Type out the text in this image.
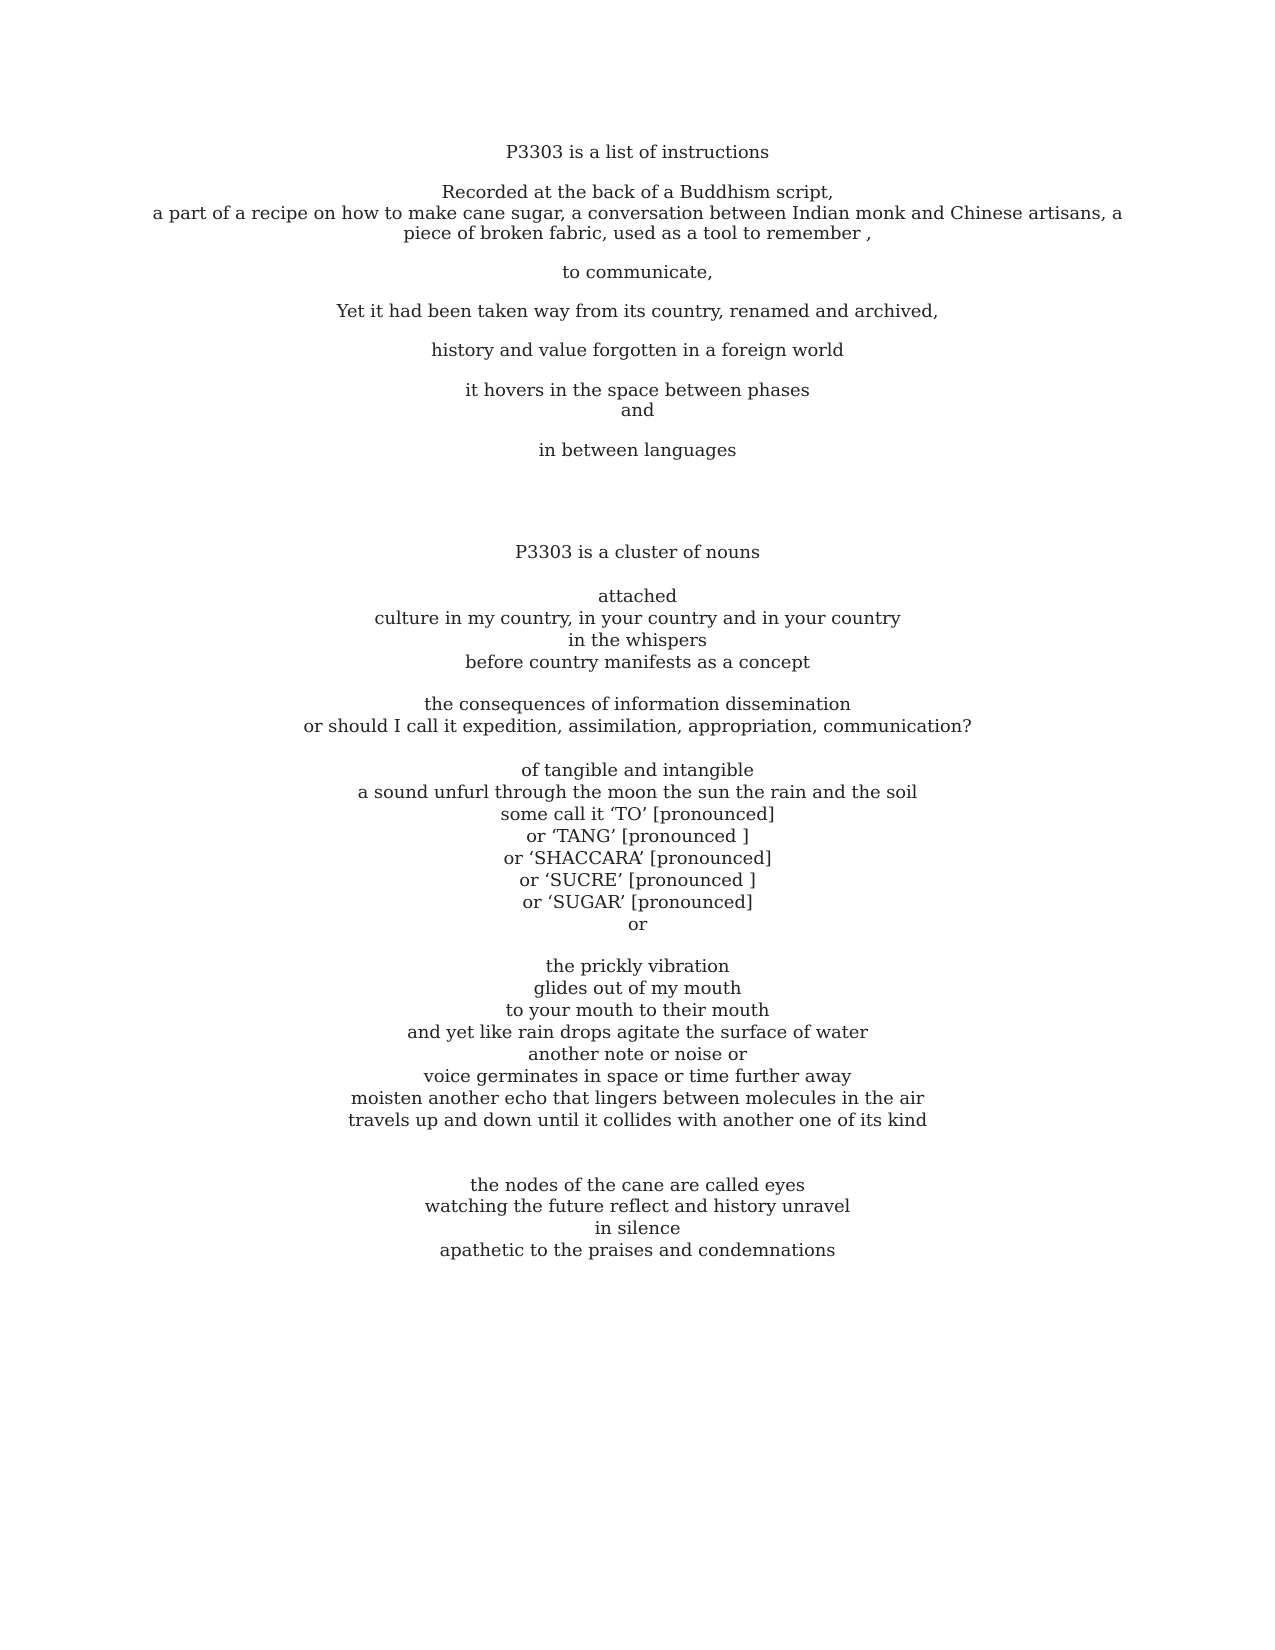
P3303 is a list of instructions
Recorded at the back of a Buddhism script,
a part of a recipe on how to make cane sugar, a conversation between Indian monk and Chinese artisans, a
piece of broken fabric, used as a tool to remember ,
to communicate,
Yet it had been taken way from its country, renamed and archived,
history and value forgotten in a foreign world
it hovers in the space between phases
and
in between languages
P3303 is a cluster of nouns
attached
culture in my country, in your country and in your country
in the whispers
before country manifests as a concept
the consequences of information dissemination
or should I call it expedition, assimilation, appropriation, communication?
of tangible and intangible
a sound unfurl through the moon the sun the rain and the soil
some call it ‘TO’ [pronounced]
or ‘TANG’ [pronounced ]
or ‘SHACCARA’ [pronounced]
or ‘SUCRE’ [pronounced ]
or ‘SUGAR’ [pronounced]
or
the prickly vibration
glides out of my mouth
to your mouth to their mouth
and yet like rain drops agitate the surface of water
another note or noise or
voice germinates in space or time further away
moisten another echo that lingers between molecules in the air
travels up and down until it collides with another one of its kind
the nodes of the cane are called eyes
watching the future reflect and history unravel
in silence
apathetic to the praises and condemnations
